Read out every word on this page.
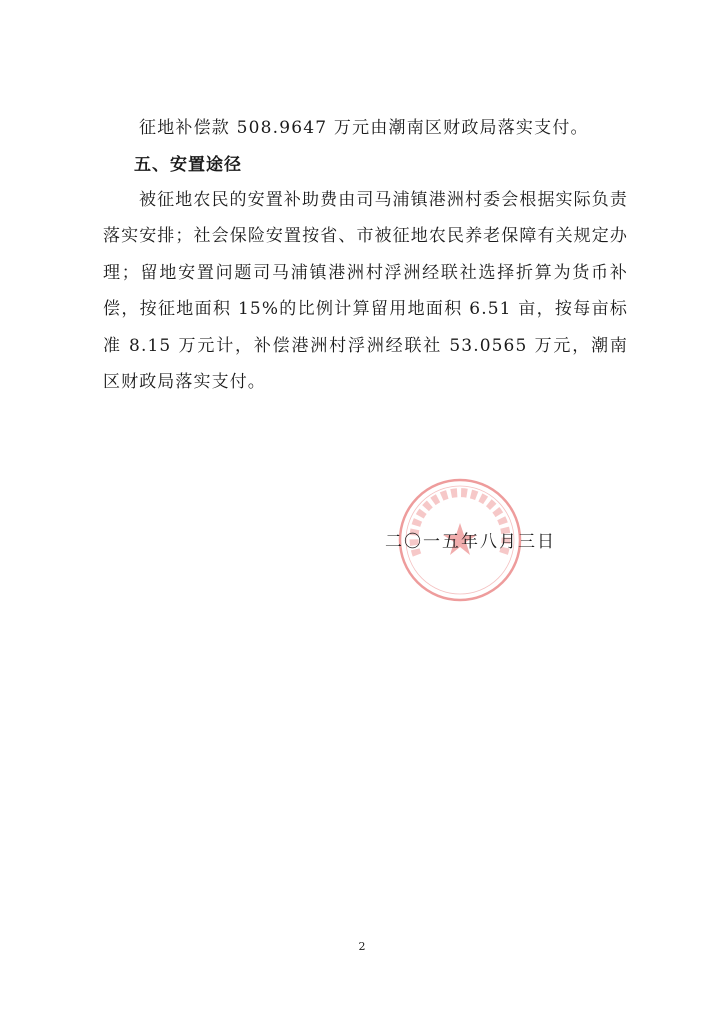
征地补偿款 508.9647 万元由潮南区财政局落实支付。
五、安置途径
被征地农民的安置补助费由司马浦镇港洲村委会根据实际负责落实安排；社会保险安置按省、市被征地农民养老保障有关规定办理；留地安置问题司马浦镇港洲村浮洲经联社选择折算为货币补偿，按征地面积 15%的比例计算留用地面积 6.51 亩，按每亩标准 8.15 万元计，补偿港洲村浮洲经联社 53.0565 万元，潮南区财政局落实支付。
二〇一五年八月三日
2
